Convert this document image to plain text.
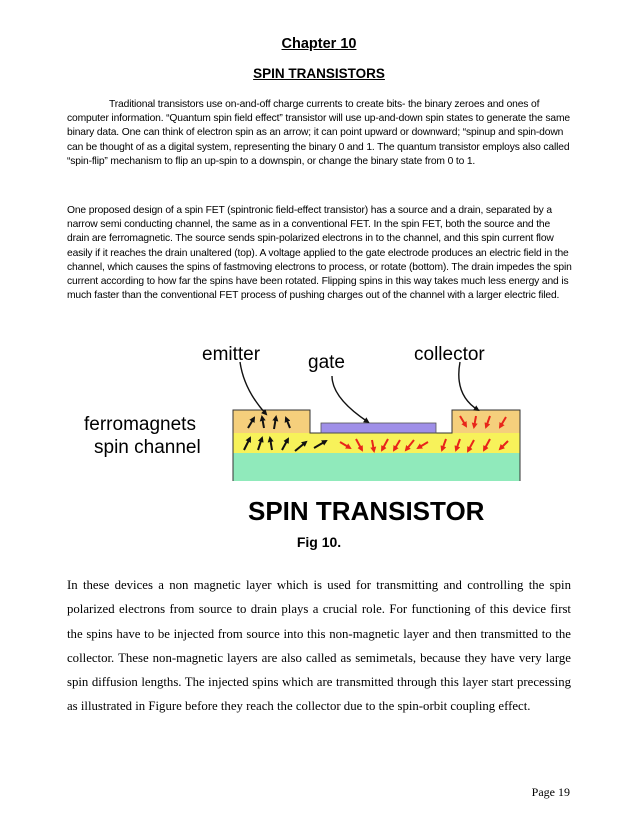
Chapter 10
SPIN TRANSISTORS

Traditional transistors use on-and-off charge currents to create bits- the binary zeroes and ones of computer information. “Quantum spin field effect” transistor will use up-and-down spin states to generate the same binary data. One can think of electron spin as an arrow; it can point upward or downward; “spinup and spin-down can be thought of as a digital system, representing the binary 0 and 1. The quantum transistor employs also called “spin-flip” mechanism to flip an up-spin to a downspin, or change the binary state from 0 to 1.

One proposed design of a spin FET (spintronic field-effect transistor) has a source and a drain, separated by a narrow semi conducting channel, the same as in a conventional FET. In the spin FET, both the source and the drain are ferromagnetic. The source sends spin-polarized electrons in to the channel, and this spin current flow easily if it reaches the drain unaltered (top). A voltage applied to the gate electrode produces an electric field in the channel, which causes the spins of fastmoving electrons to process, or rotate (bottom). The drain impedes the spin current according to how far the spins have been rotated. Flipping spins in this way takes much less energy and is much faster than the conventional FET process of pushing charges out of the channel with a larger electric filed.

emitter	gate	collector
ferromagnets
spin channel
SPIN TRANSISTOR
Fig 10.

In these devices a non magnetic layer which is used for transmitting and controlling the spin polarized electrons from source to drain plays a crucial role. For functioning of this device first the spins have to be injected from source into this non-magnetic layer and then transmitted to the collector. These non-magnetic layers are also called as semimetals, because they have very large spin diffusion lengths. The injected spins which are transmitted through this layer start precessing as illustrated in Figure before they reach the collector due to the spin-orbit coupling effect.

Page 19
